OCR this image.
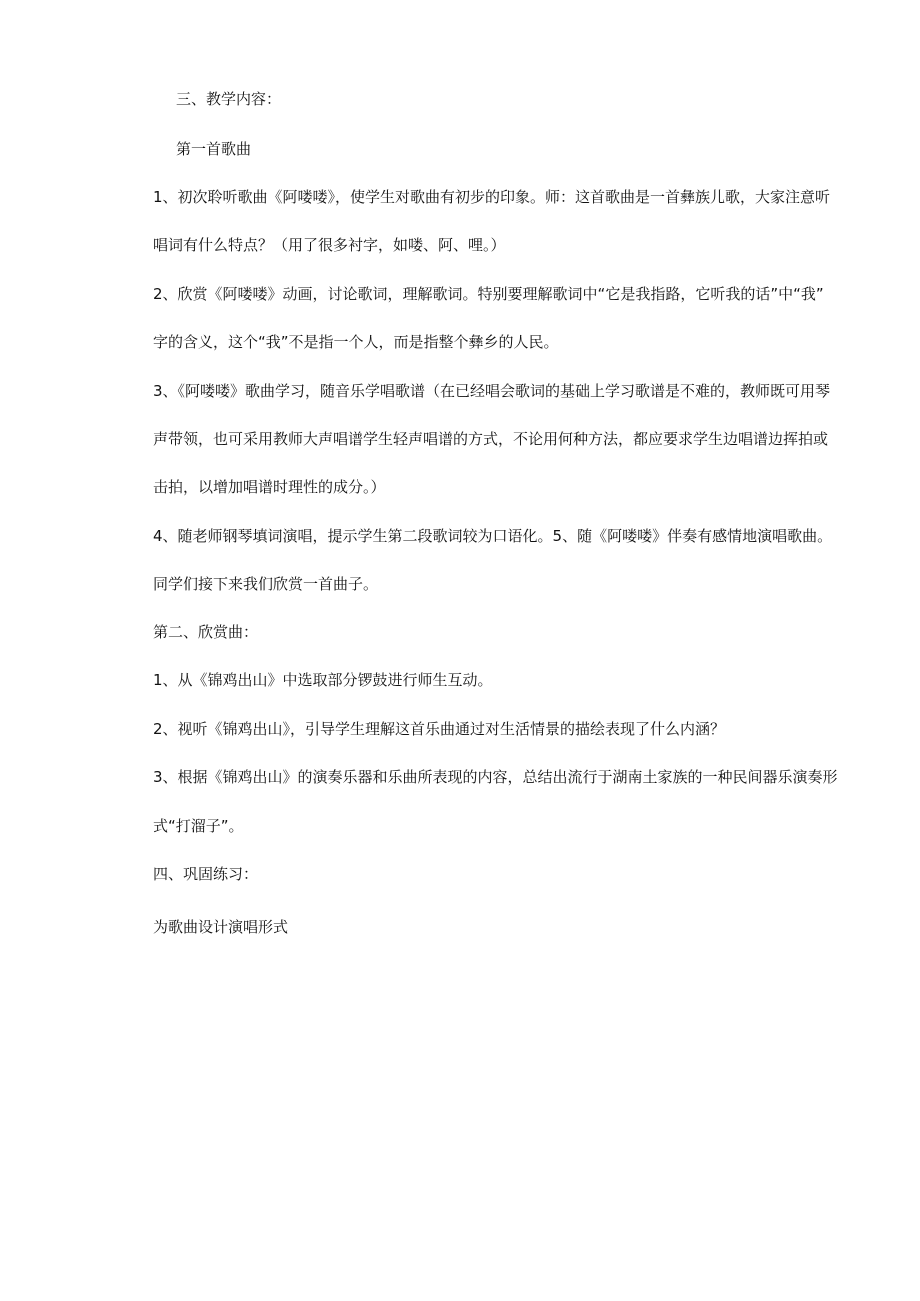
三、教学内容：
第一首歌曲
1、初次聆听歌曲《阿喽喽》，使学生对歌曲有初步的印象。师：这首歌曲是一首彝族儿歌，大家注意听
唱词有什么特点？（用了很多衬字，如喽、阿、哩。）
2、欣赏《阿喽喽》动画，讨论歌词，理解歌词。特别要理解歌词中“它是我指路，它听我的话”中“我”
字的含义，这个“我”不是指一个人，而是指整个彝乡的人民。
3、《阿喽喽》歌曲学习，随音乐学唱歌谱（在已经唱会歌词的基础上学习歌谱是不难的，教师既可用琴
声带领，也可采用教师大声唱谱学生轻声唱谱的方式，不论用何种方法，都应要求学生边唱谱边挥拍或
击拍，以增加唱谱时理性的成分。）
4、随老师钢琴填词演唱，提示学生第二段歌词较为口语化。5、随《阿喽喽》伴奏有感情地演唱歌曲。
同学们接下来我们欣赏一首曲子。
第二、欣赏曲：
1、从《锦鸡出山》中选取部分锣鼓进行师生互动。
2、视听《锦鸡出山》，引导学生理解这首乐曲通过对生活情景的描绘表现了什么内涵？
3、根据《锦鸡出山》的演奏乐器和乐曲所表现的内容，总结出流行于湖南土家族的一种民间器乐演奏形
式“打溜子”。
四、巩固练习：
为歌曲设计演唱形式
